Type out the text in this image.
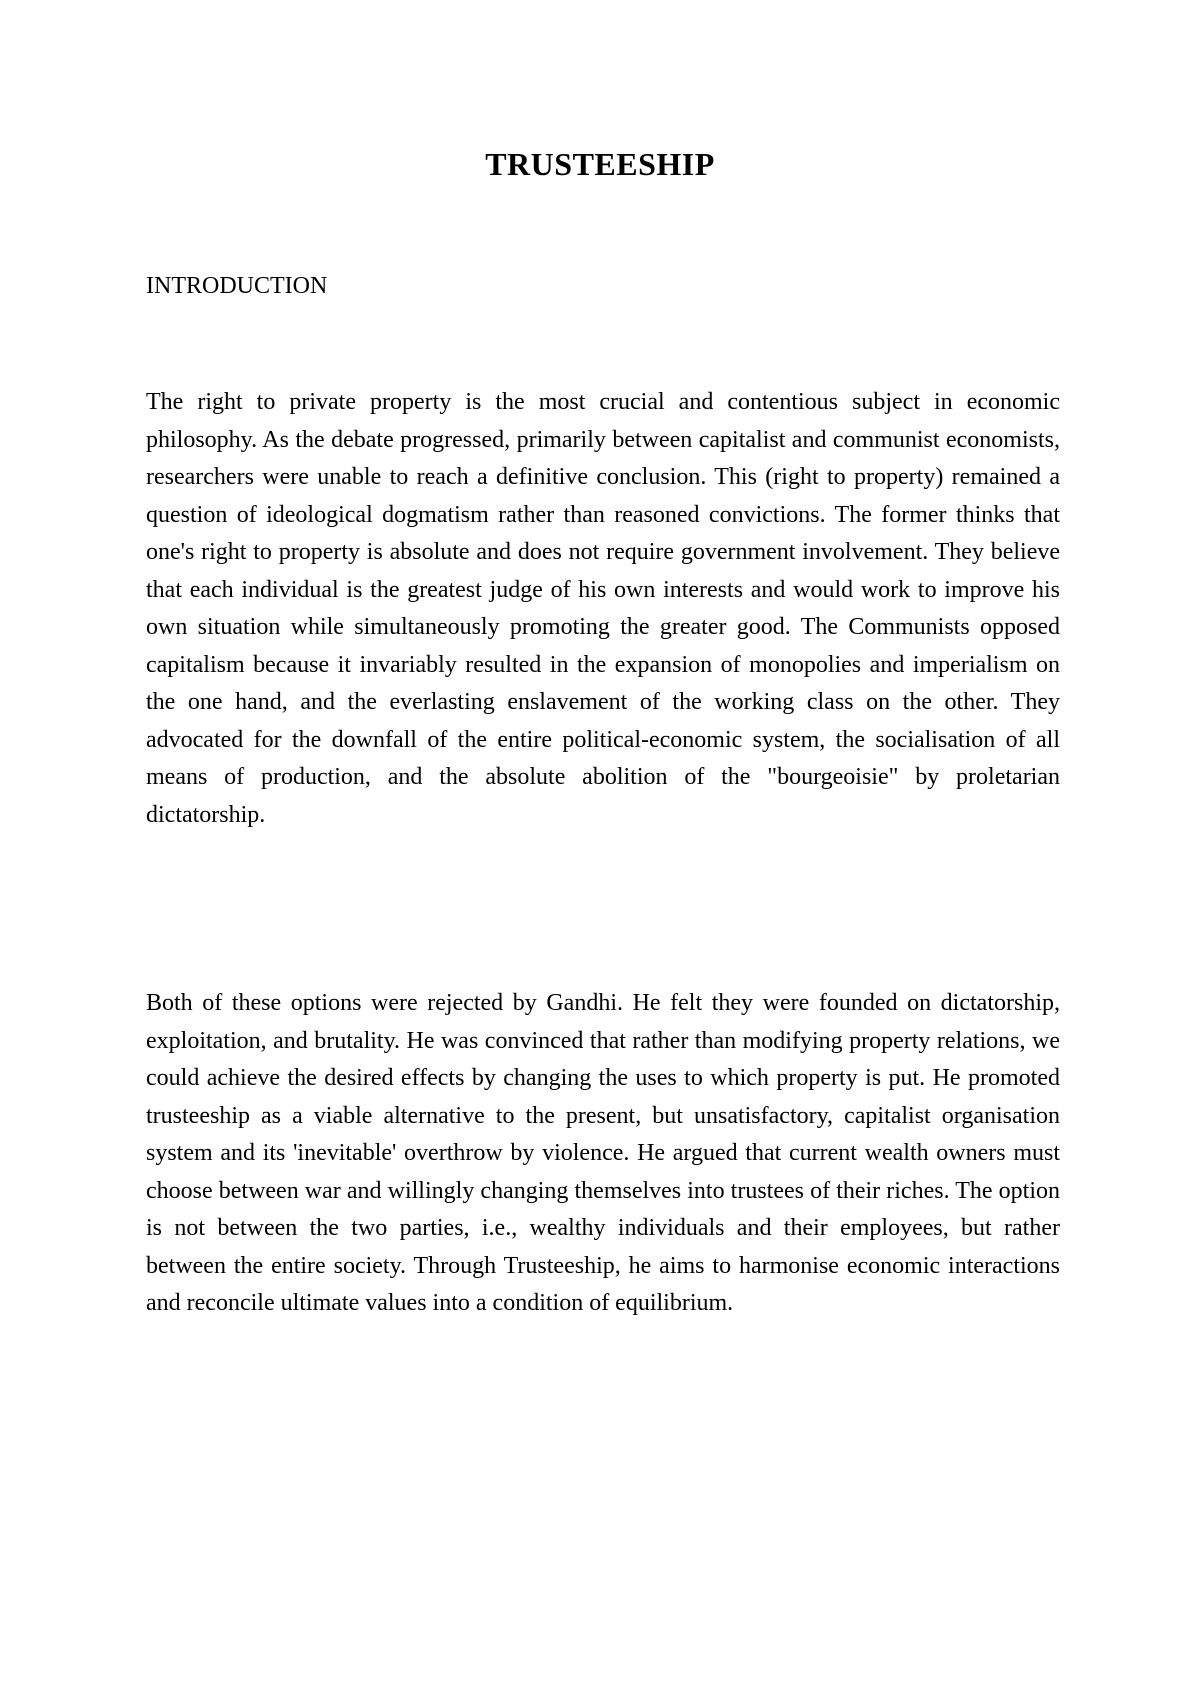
TRUSTEESHIP
INTRODUCTION

The right to private property is the most crucial and contentious subject in economic philosophy. As the debate progressed, primarily between capitalist and communist economists, researchers were unable to reach a definitive conclusion. This (right to property) remained a question of ideological dogmatism rather than reasoned convictions. The former thinks that one's right to property is absolute and does not require government involvement. They believe that each individual is the greatest judge of his own interests and would work to improve his own situation while simultaneously promoting the greater good. The Communists opposed capitalism because it invariably resulted in the expansion of monopolies and imperialism on the one hand, and the everlasting enslavement of the working class on the other. They advocated for the downfall of the entire political-economic system, the socialisation of all means of production, and the absolute abolition of the "bourgeoisie" by proletarian dictatorship.

Both of these options were rejected by Gandhi. He felt they were founded on dictatorship, exploitation, and brutality. He was convinced that rather than modifying property relations, we could achieve the desired effects by changing the uses to which property is put. He promoted trusteeship as a viable alternative to the present, but unsatisfactory, capitalist organisation system and its 'inevitable' overthrow by violence. He argued that current wealth owners must choose between war and willingly changing themselves into trustees of their riches. The option is not between the two parties, i.e., wealthy individuals and their employees, but rather between the entire society. Through Trusteeship, he aims to harmonise economic interactions and reconcile ultimate values into a condition of equilibrium.
